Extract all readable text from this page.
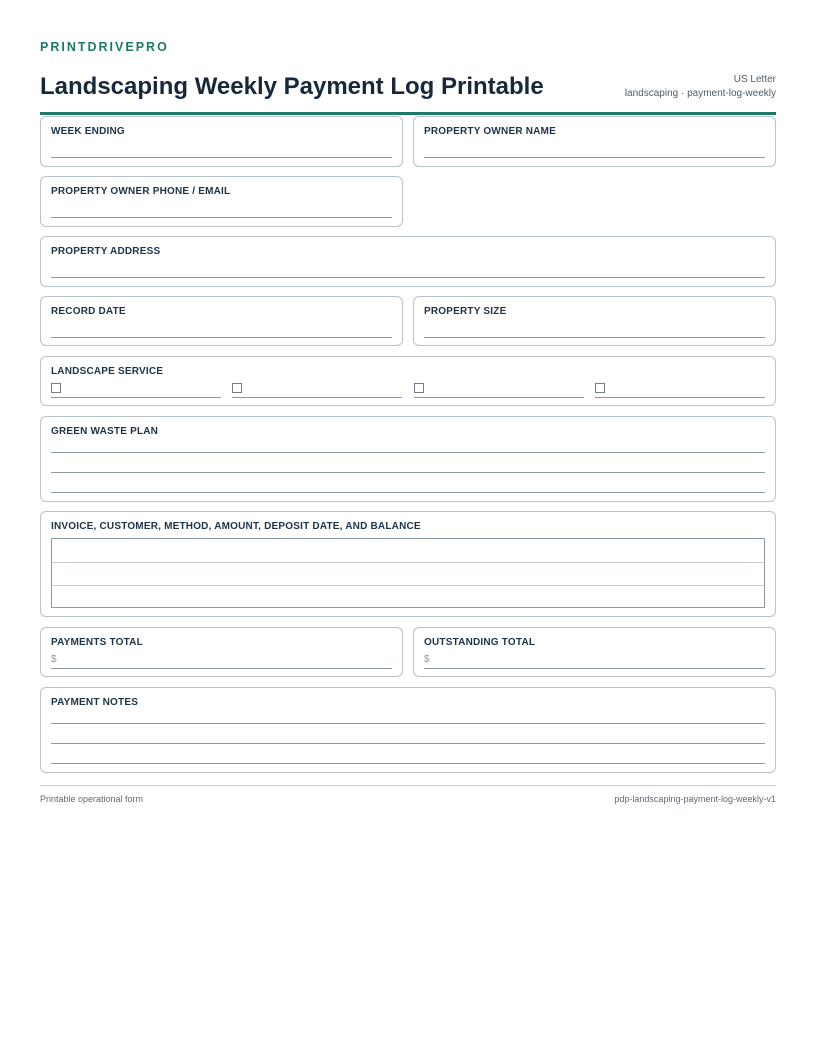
PRINTDRIVEPRO
Landscaping Weekly Payment Log Printable	US Letter
landscaping · payment-log-weekly
WEEK ENDING	PROPERTY OWNER NAME
PROPERTY OWNER PHONE / EMAIL
PROPERTY ADDRESS
RECORD DATE	PROPERTY SIZE
LANDSCAPE SERVICE
GREEN WASTE PLAN
INVOICE, CUSTOMER, METHOD, AMOUNT, DEPOSIT DATE, AND BALANCE
PAYMENTS TOTAL
$
OUTSTANDING TOTAL
$
PAYMENT NOTES
Printable operational form	pdp-landscaping-payment-log-weekly-v1
